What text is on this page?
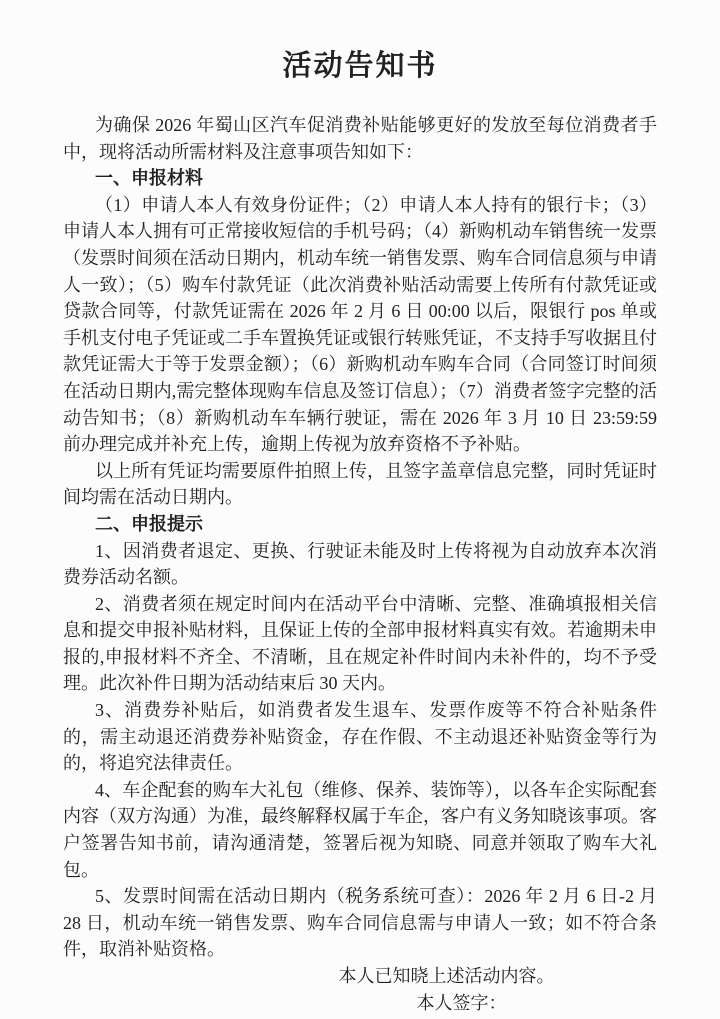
活动告知书

为确保 2026 年蜀山区汽车促消费补贴能够更好的发放至每位消费者手中，现将活动所需材料及注意事项告知如下：

一、申报材料

（1）申请人本人有效身份证件；（2）申请人本人持有的银行卡；（3）申请人本人拥有可正常接收短信的手机号码；（4）新购机动车销售统一发票（发票时间须在活动日期内，机动车统一销售发票、购车合同信息须与申请人一致）；（5）购车付款凭证（此次消费补贴活动需要上传所有付款凭证或贷款合同等，付款凭证需在 2026 年 2 月 6 日 00:00 以后，限银行 pos 单或手机支付电子凭证或二手车置换凭证或银行转账凭证，不支持手写收据且付款凭证需大于等于发票金额）；（6）新购机动车购车合同（合同签订时间须在活动日期内,需完整体现购车信息及签订信息）；（7）消费者签字完整的活动告知书；（8）新购机动车车辆行驶证，需在 2026 年 3 月 10 日 23:59:59 前办理完成并补充上传，逾期上传视为放弃资格不予补贴。

以上所有凭证均需要原件拍照上传，且签字盖章信息完整，同时凭证时间均需在活动日期内。

二、申报提示

1、因消费者退定、更换、行驶证未能及时上传将视为自动放弃本次消费券活动名额。

2、消费者须在规定时间内在活动平台中清晰、完整、准确填报相关信息和提交申报补贴材料，且保证上传的全部申报材料真实有效。若逾期未申报的,申报材料不齐全、不清晰，且在规定补件时间内未补件的，均不予受理。此次补件日期为活动结束后 30 天内。

3、消费券补贴后，如消费者发生退车、发票作废等不符合补贴条件的，需主动退还消费券补贴资金，存在作假、不主动退还补贴资金等行为的，将追究法律责任。

4、车企配套的购车大礼包（维修、保养、装饰等），以各车企实际配套内容（双方沟通）为准，最终解释权属于车企，客户有义务知晓该事项。客户签署告知书前，请沟通清楚，签署后视为知晓、同意并领取了购车大礼包。

5、发票时间需在活动日期内（税务系统可查）：2026 年 2 月 6 日-2 月 28 日，机动车统一销售发票、购车合同信息需与申请人一致；如不符合条件，取消补贴资格。

本人已知晓上述活动内容。
本人签字：
